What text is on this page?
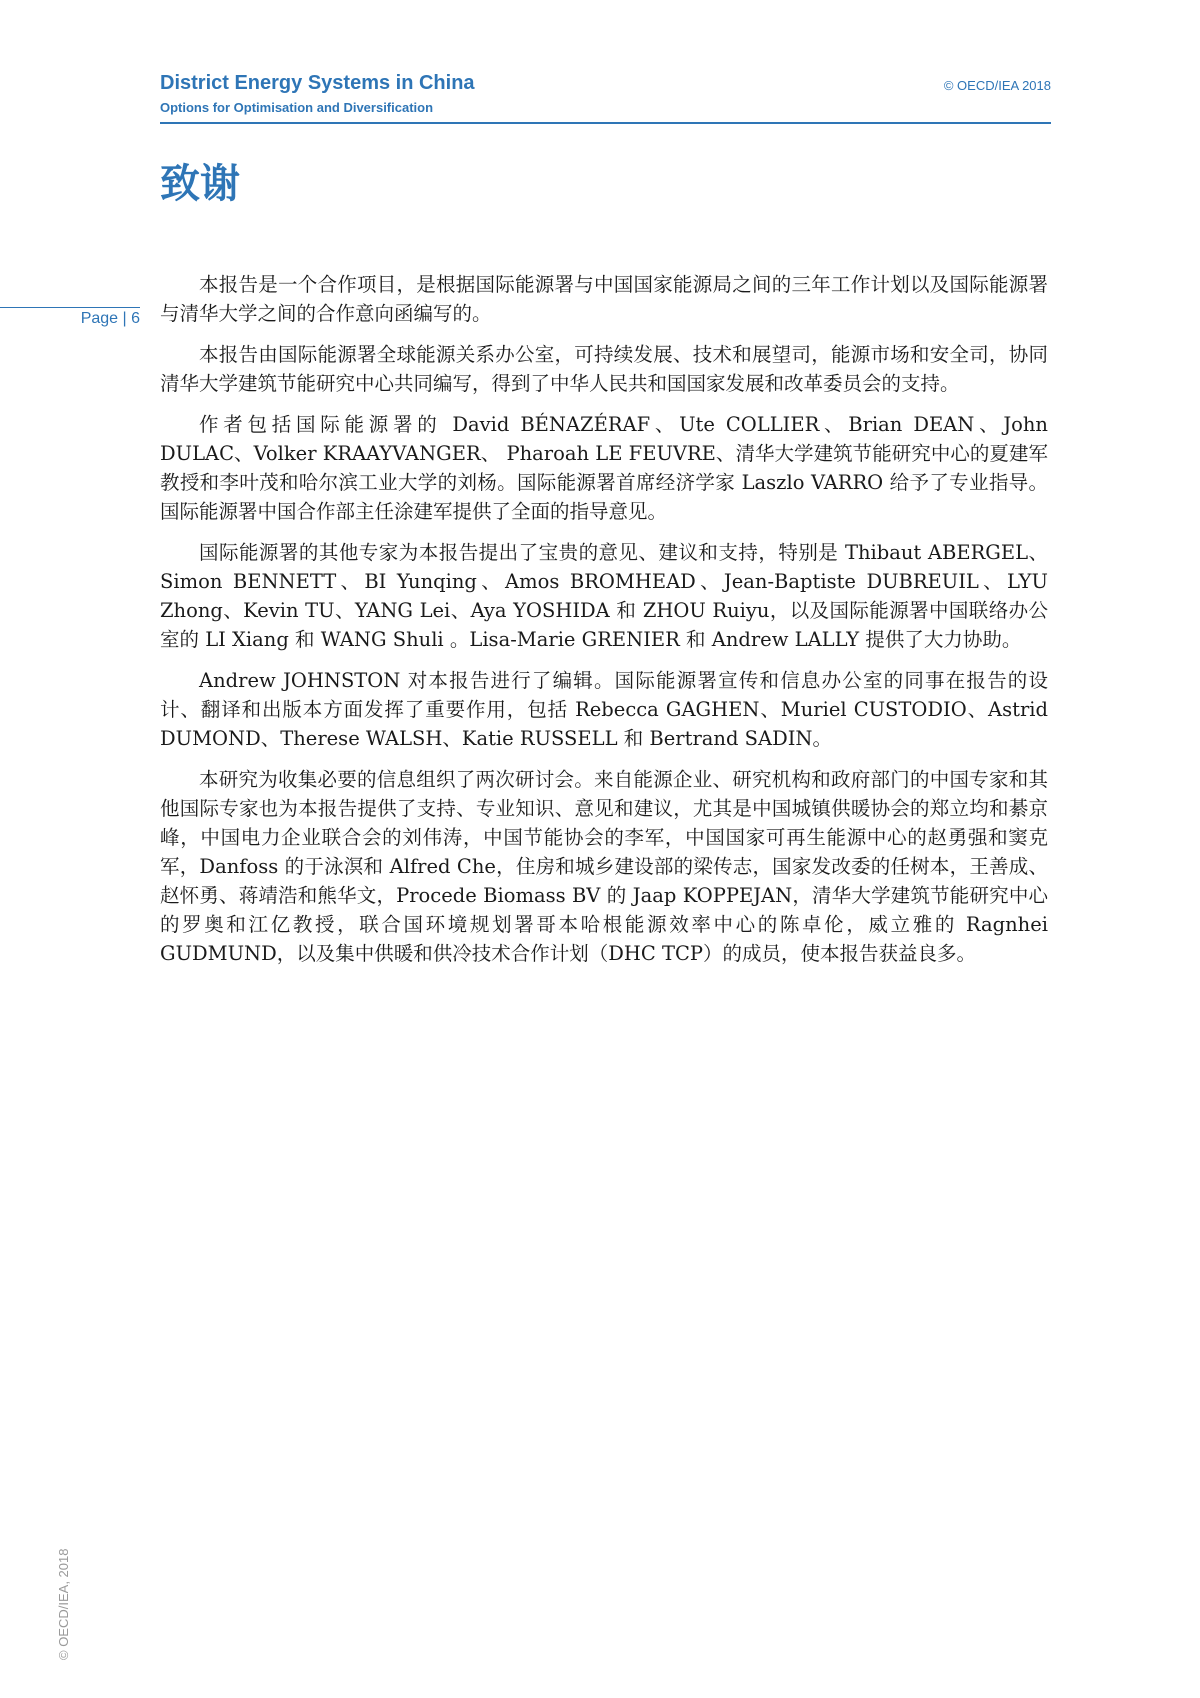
District Energy Systems in China
Options for Optimisation and Diversification
© OECD/IEA 2018
致谢
Page | 6

本报告是一个合作项目，是根据国际能源署与中国国家能源局之间的三年工作计划以及国际能源署与清华大学之间的合作意向函编写的。

本报告由国际能源署全球能源关系办公室，可持续发展、技术和展望司，能源市场和安全司，协同清华大学建筑节能研究中心共同编写，得到了中华人民共和国国家发展和改革委员会的支持。

作者包括国际能源署的 David BÉNAZÉRAF、Ute COLLIER、Brian DEAN、John DULAC、Volker KRAAYVANGER、 Pharoah LE FEUVRE、清华大学建筑节能研究中心的夏建军教授和李叶茂和哈尔滨工业大学的刘杨。国际能源署首席经济学家 Laszlo VARRO 给予了专业指导。国际能源署中国合作部主任涂建军提供了全面的指导意见。

国际能源署的其他专家为本报告提出了宝贵的意见、建议和支持，特别是 Thibaut ABERGEL、Simon BENNETT、BI Yunqing、Amos BROMHEAD、Jean-Baptiste DUBREUIL、LYU Zhong、Kevin TU、YANG Lei、Aya YOSHIDA 和 ZHOU Ruiyu，以及国际能源署中国联络办公室的 LI Xiang 和 WANG Shuli 。Lisa-Marie GRENIER 和 Andrew LALLY 提供了大力协助。

Andrew JOHNSTON 对本报告进行了编辑。国际能源署宣传和信息办公室的同事在报告的设计、翻译和出版本方面发挥了重要作用，包括 Rebecca GAGHEN、Muriel CUSTODIO、Astrid DUMOND、Therese WALSH、Katie RUSSELL 和 Bertrand SADIN。

本研究为收集必要的信息组织了两次研讨会。来自能源企业、研究机构和政府部门的中国专家和其他国际专家也为本报告提供了支持、专业知识、意见和建议，尤其是中国城镇供暖协会的郑立均和綦京峰，中国电力企业联合会的刘伟涛，中国节能协会的李军，中国国家可再生能源中心的赵勇强和窦克军，Danfoss 的于泳溟和 Alfred Che，住房和城乡建设部的梁传志，国家发改委的任树本，王善成、赵怀勇、蒋靖浩和熊华文，Procede Biomass BV 的 Jaap KOPPEJAN，清华大学建筑节能研究中心的罗奥和江亿教授，联合国环境规划署哥本哈根能源效率中心的陈卓伦，威立雅的 Ragnhei GUDMUND，以及集中供暖和供冷技术合作计划（DHC TCP）的成员，使本报告获益良多。

© OECD/IEA, 2018
